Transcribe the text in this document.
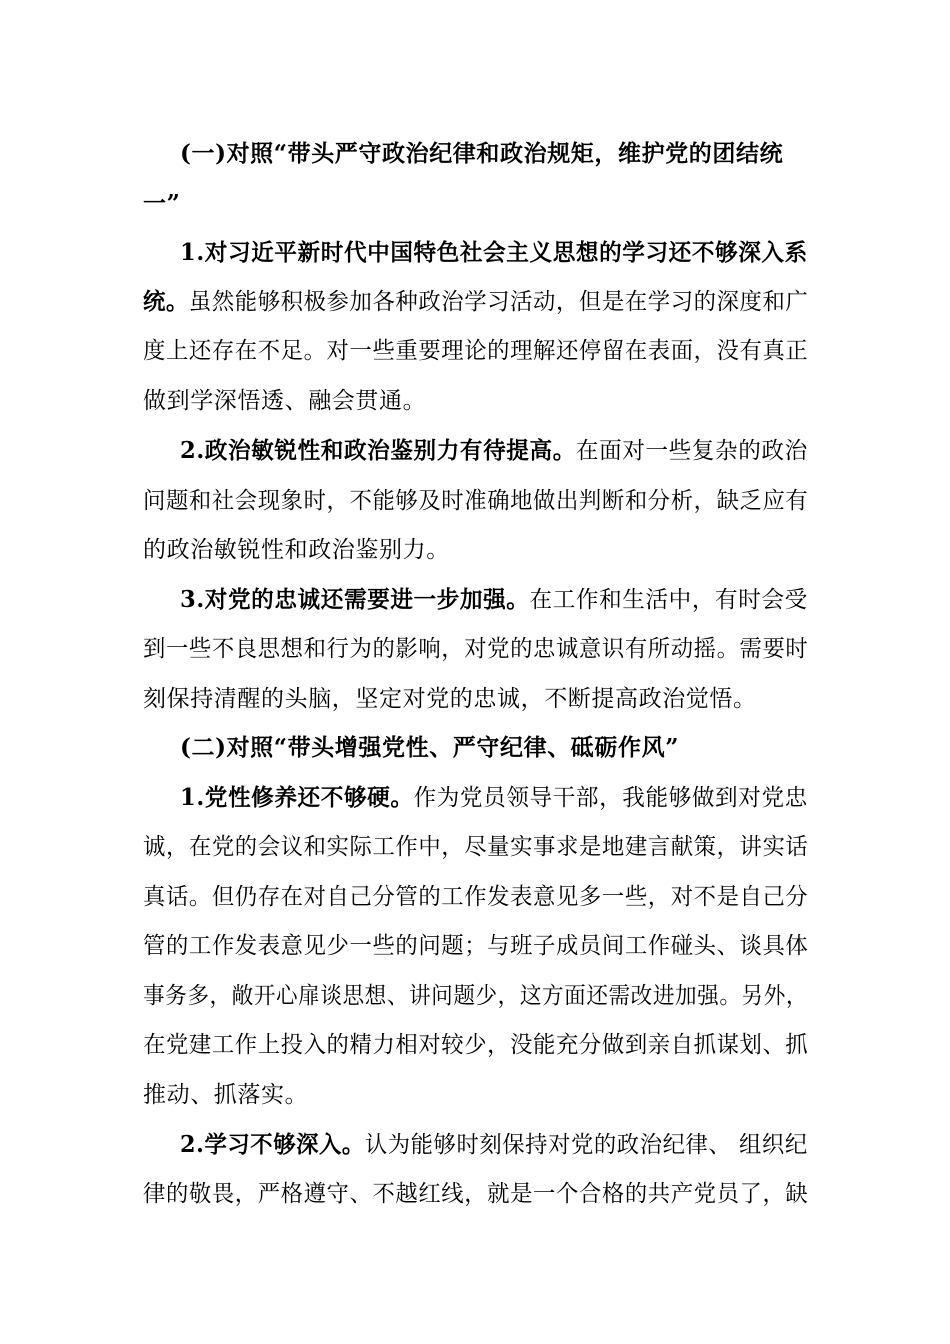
(一)对照“带头严守政治纪律和政治规矩，维护党的团结统
一”
1.对习近平新时代中国特色社会主义思想的学习还不够深入系
统。虽然能够积极参加各种政治学习活动，但是在学习的深度和广
度上还存在不足。对一些重要理论的理解还停留在表面，没有真正
做到学深悟透、融会贯通。
2.政治敏锐性和政治鉴别力有待提高。在面对一些复杂的政治
问题和社会现象时，不能够及时准确地做出判断和分析，缺乏应有
的政治敏锐性和政治鉴别力。
3.对党的忠诚还需要进一步加强。在工作和生活中，有时会受
到一些不良思想和行为的影响，对党的忠诚意识有所动摇。需要时
刻保持清醒的头脑，坚定对党的忠诚，不断提高政治觉悟。
(二)对照“带头增强党性、严守纪律、砥砺作风”
1.党性修养还不够硬。作为党员领导干部，我能够做到对党忠
诚，在党的会议和实际工作中，尽量实事求是地建言献策，讲实话
真话。但仍存在对自己分管的工作发表意见多一些，对不是自己分
管的工作发表意见少一些的问题；与班子成员间工作碰头、谈具体
事务多，敞开心扉谈思想、讲问题少，这方面还需改进加强。另外，
在党建工作上投入的精力相对较少，没能充分做到亲自抓谋划、抓
推动、抓落实。
2.学习不够深入。认为能够时刻保持对党的政治纪律、 组织纪
律的敬畏，严格遵守、不越红线，就是一个合格的共产党员了，缺
